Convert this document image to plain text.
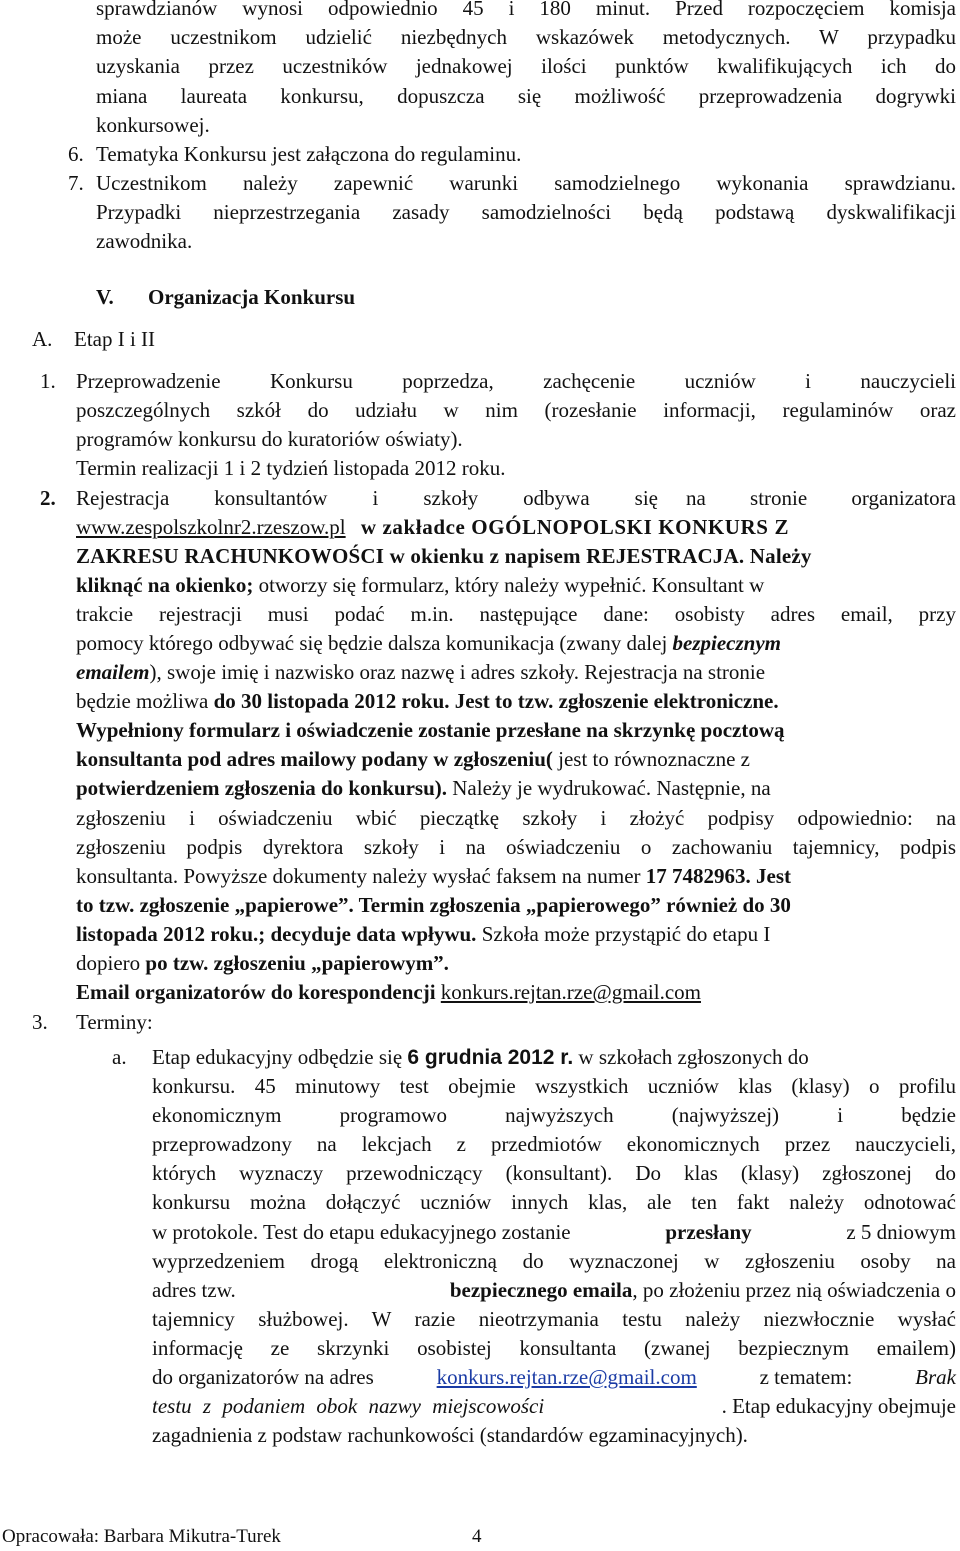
sprawdzianów wynosi odpowiednio 45 i 180 minut. Przed rozpoczęciem komisja
może uczestnikom udzielić niezbędnych wskazówek metodycznych. W przypadku
uzyskania przez uczestników jednakowej ilości punktów kwalifikujących ich do
miana laureata konkursu, dopuszcza się możliwość przeprowadzenia dogrywki
konkursowej.
6. Tematyka Konkursu jest załączona do regulaminu.
7. Uczestnikom należy zapewnić warunki samodzielnego wykonania sprawdzianu.
Przypadki nieprzestrzegania zasady samodzielności będą podstawą dyskwalifikacji
zawodnika.
V. Organizacja Konkursu
A. Etap I i II
1. Przeprowadzenie Konkursu poprzedza, zachęcenie uczniów i nauczycieli
poszczególnych szkół do udziału w nim (rozesłanie informacji, regulaminów oraz
programów konkursu do kuratoriów oświaty).
Termin realizacji 1 i 2 tydzień listopada 2012 roku.
2. Rejestracja konsultantów i szkoły odbywa się na stronie organizatora
www.zespolszkolnr2.rzeszow.pl w zakładce OGÓLNOPOLSKI KONKURS Z
ZAKRESU RACHUNKOWOŚCI w okienku z napisem REJESTRACJA. Należy
kliknąć na okienko; otworzy się formularz, który należy wypełnić. Konsultant w
trakcie rejestracji musi podać m.in. następujące dane: osobisty adres email, przy
pomocy którego odbywać się będzie dalsza komunikacja (zwany dalej bezpiecznym
emailem), swoje imię i nazwisko oraz nazwę i adres szkoły. Rejestracja na stronie
będzie możliwa do 30 listopada 2012 roku. Jest to tzw. zgłoszenie elektroniczne.
Wypełniony formularz i oświadczenie zostanie przesłane na skrzynkę pocztową
konsultanta pod adres mailowy podany w zgłoszeniu( jest to równoznaczne z
potwierdzeniem zgłoszenia do konkursu). Należy je wydrukować. Następnie, na
zgłoszeniu i oświadczeniu wbić pieczątkę szkoły i złożyć podpisy odpowiednio: na
zgłoszeniu podpis dyrektora szkoły i na oświadczeniu o zachowaniu tajemnicy, podpis
konsultanta. Powyższe dokumenty należy wysłać faksem na numer 17 7482963. Jest
to tzw. zgłoszenie „papierowe”. Termin zgłoszenia „papierowego” również do 30
listopada 2012 roku.; decyduje data wpływu. Szkoła może przystąpić do etapu I
dopiero po tzw. zgłoszeniu „papierowym”.
Email organizatorów do korespondencji konkurs.rejtan.rze@gmail.com
3. Terminy:
a. Etap edukacyjny odbędzie się 6 grudnia 2012 r. w szkołach zgłoszonych do
konkursu. 45 minutowy test obejmie wszystkich uczniów klas (klasy) o profilu
ekonomicznym programowo najwyższych (najwyższej) i będzie
przeprowadzony na lekcjach z przedmiotów ekonomicznych przez nauczycieli,
których wyznaczy przewodniczący (konsultant). Do klas (klasy) zgłoszonej do
konkursu można dołączyć uczniów innych klas, ale ten fakt należy odnotować
w protokole. Test do etapu edukacyjnego zostanie	przesłany	z 5 dniowym
wyprzedzeniem drogą elektroniczną do wyznaczonej w zgłoszeniu osoby na
adres tzw.	bezpiecznego emaila, po złożeniu przez nią oświadczenia o
tajemnicy służbowej. W razie nieotrzymania testu należy niezwłocznie wysłać
informację ze skrzynki osobistej konsultanta (zwanej bezpiecznym emailem)
do organizatorów na adres	konkurs.rejtan.rze@gmail.com	z tematem:	Brak
testu z podaniem obok nazwy miejscowości	. Etap edukacyjny obejmuje
zagadnienia z podstaw rachunkowości (standardów egzaminacyjnych).
Opracowała: Barbara Mikutra-Turek	4
